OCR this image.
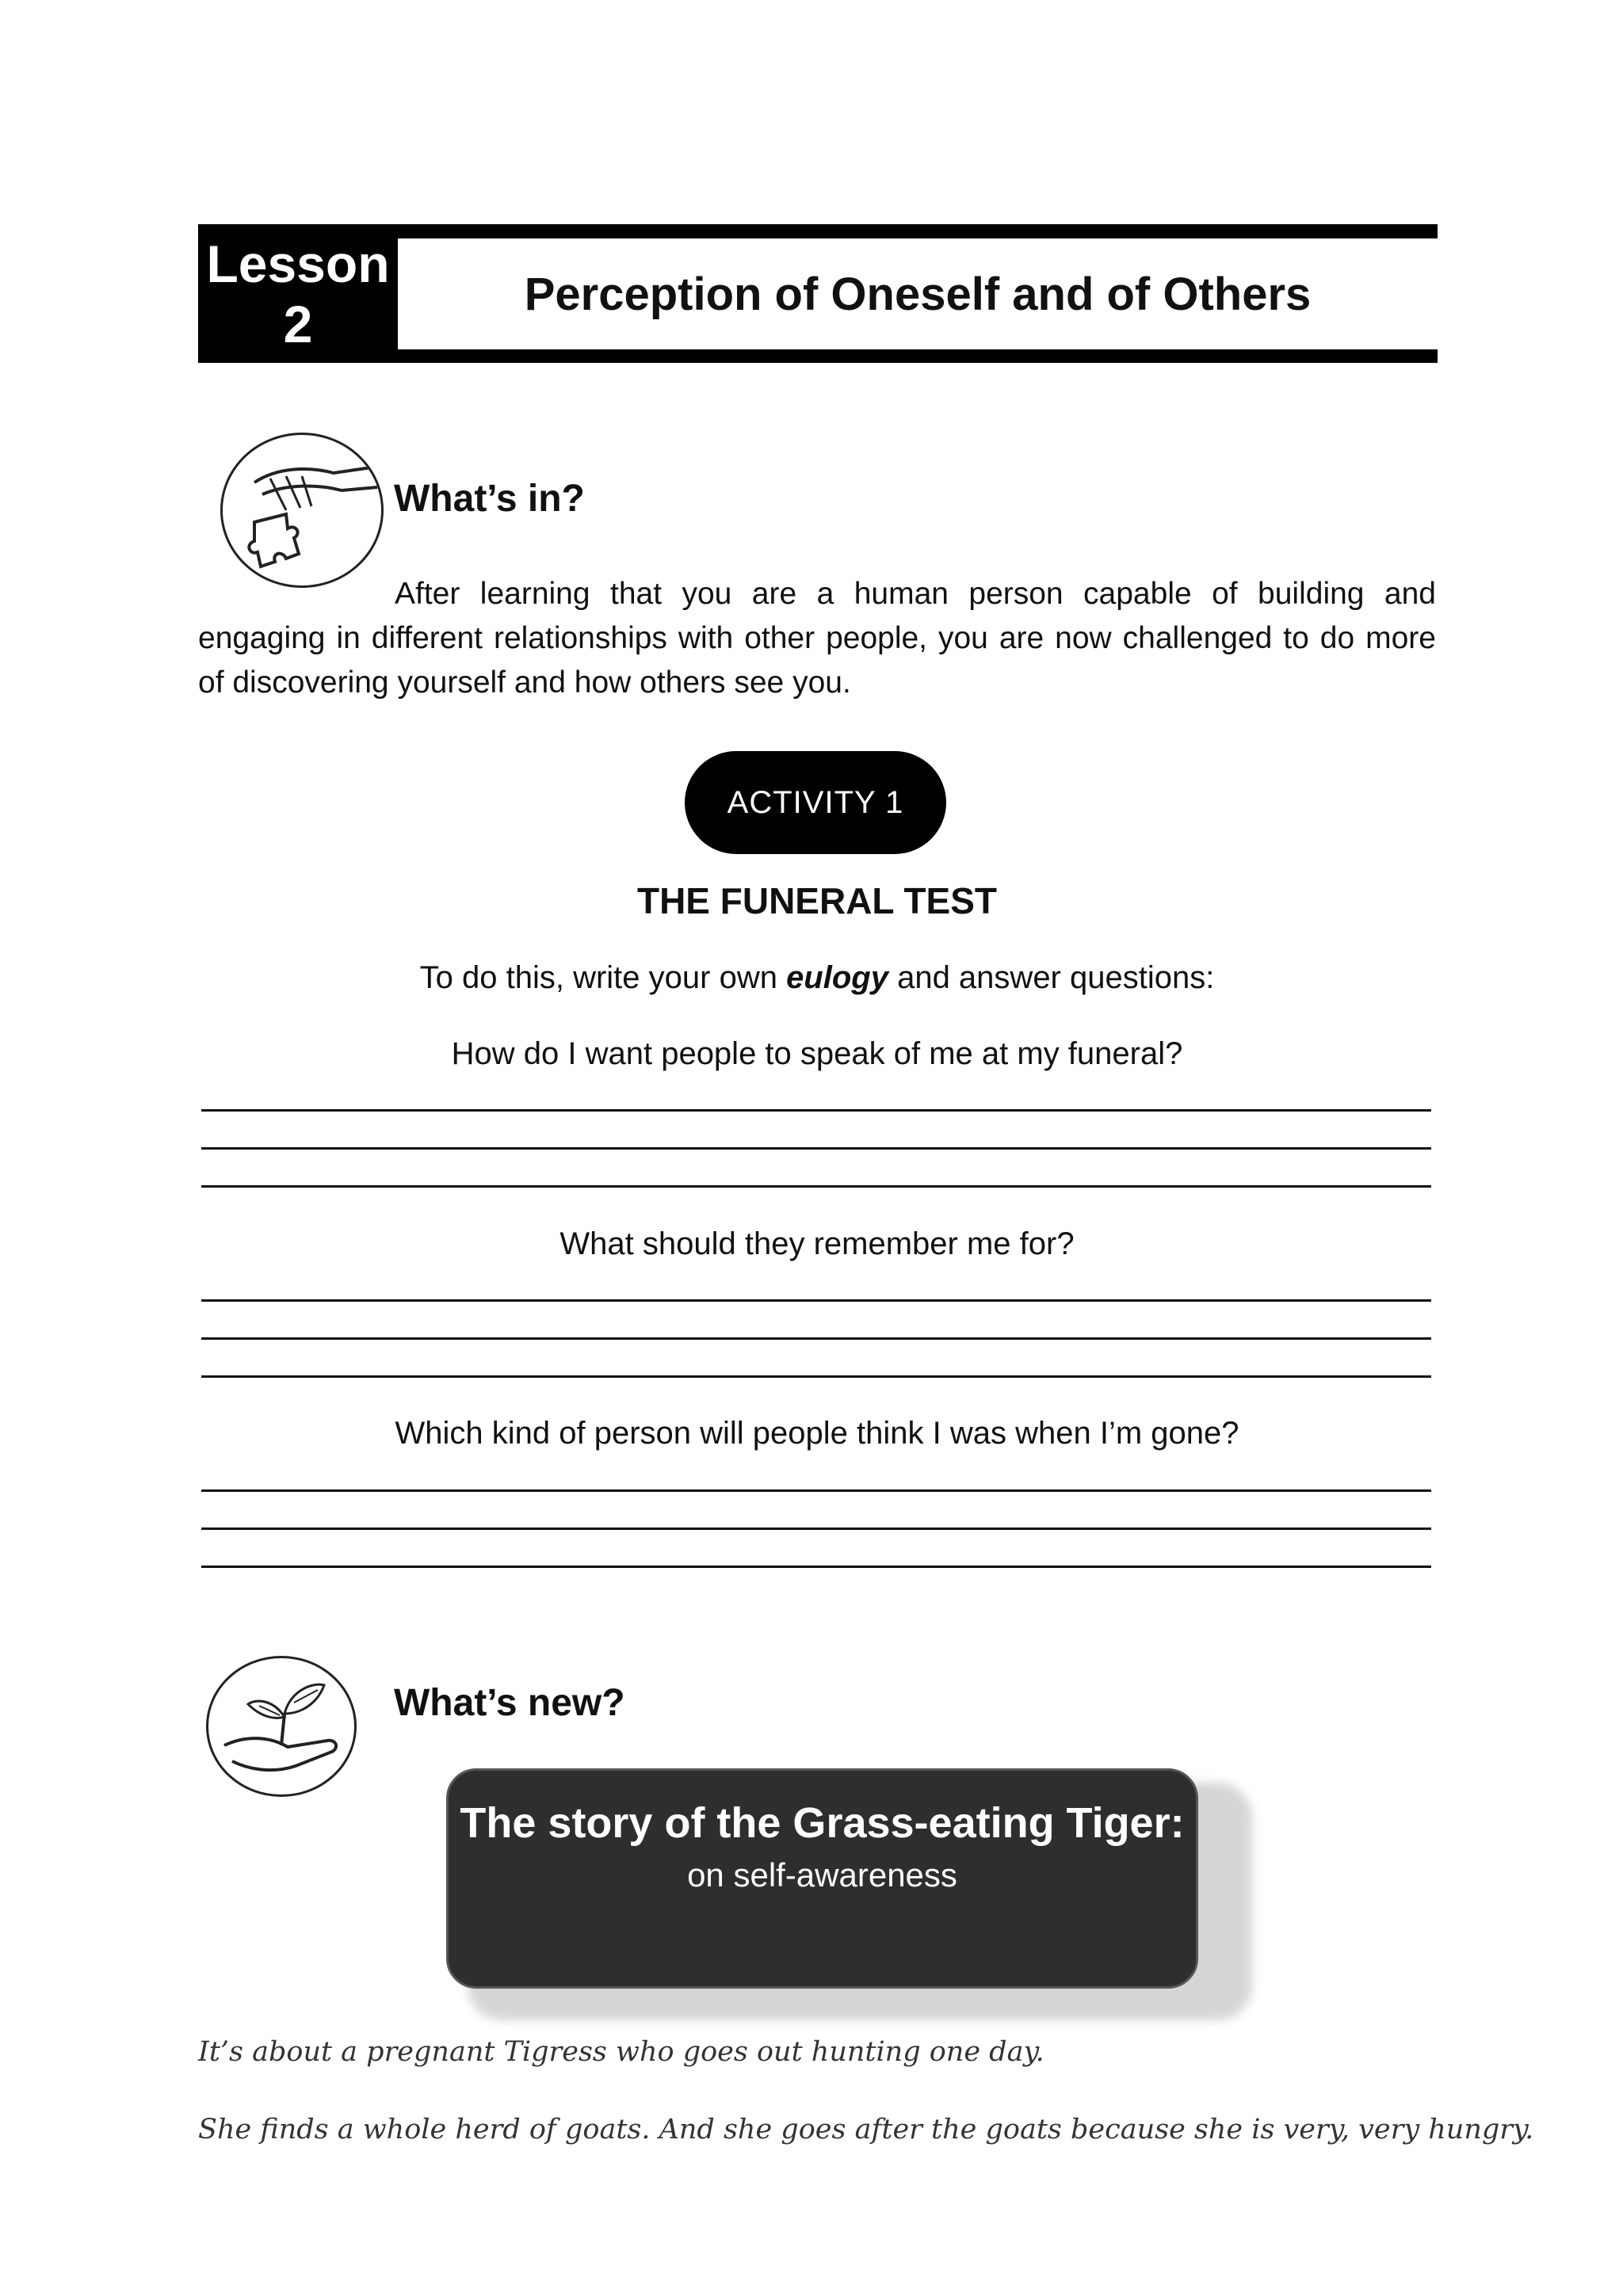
Lesson
2
Perception of Oneself and of Others
What’s in?
After learning that you are a human person capable of building and engaging in different relationships with other people, you are now challenged to do more of discovering yourself and how others see you.
ACTIVITY 1
THE FUNERAL TEST
To do this, write your own eulogy and answer questions:
How do I want people to speak of me at my funeral?
What should they remember me for?
Which kind of person will people think I was when I’m gone?
What’s new?
The story of the Grass-eating Tiger:
on self-awareness
It’s about a pregnant Tigress who goes out hunting one day.
She finds a whole herd of goats. And she goes after the goats because she is very, very hungry.
